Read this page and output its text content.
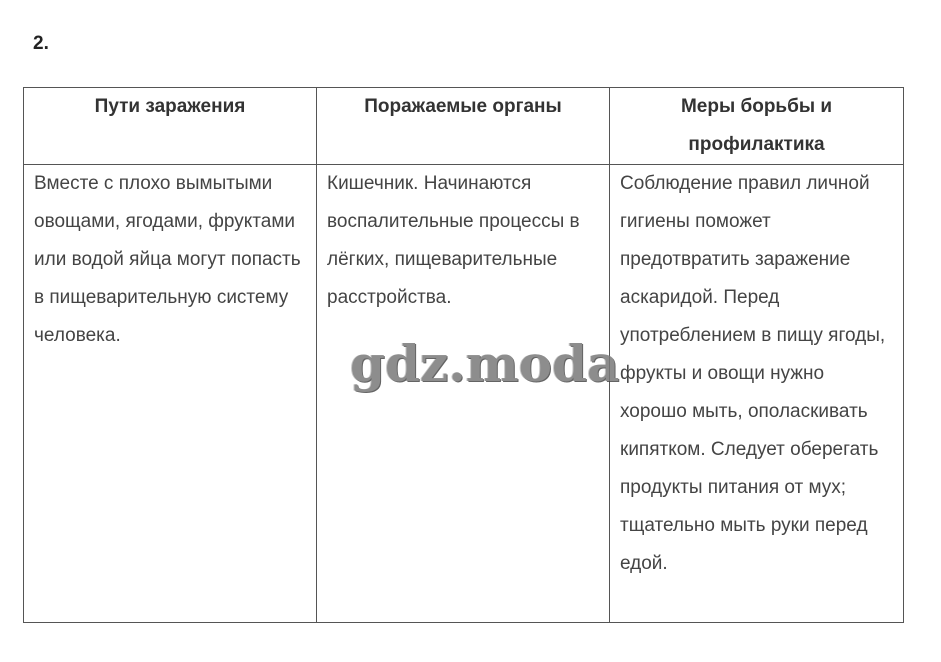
2.
Пути заражения	Поражаемые органы	Меры борьбы и профилактика
Вместе с плохо вымытыми овощами, ягодами, фруктами или водой яйца могут попасть в пищеварительную систему человека.	Кишечник. Начинаются воспалительные процессы в лёгких, пищеварительные расстройства.	Соблюдение правил личной гигиены поможет предотвратить заражение аскаридой. Перед употреблением в пищу ягоды, фрукты и овощи нужно хорошо мыть, ополаскивать кипятком. Следует оберегать продукты питания от мух; тщательно мыть руки перед едой.
gdz.moda
